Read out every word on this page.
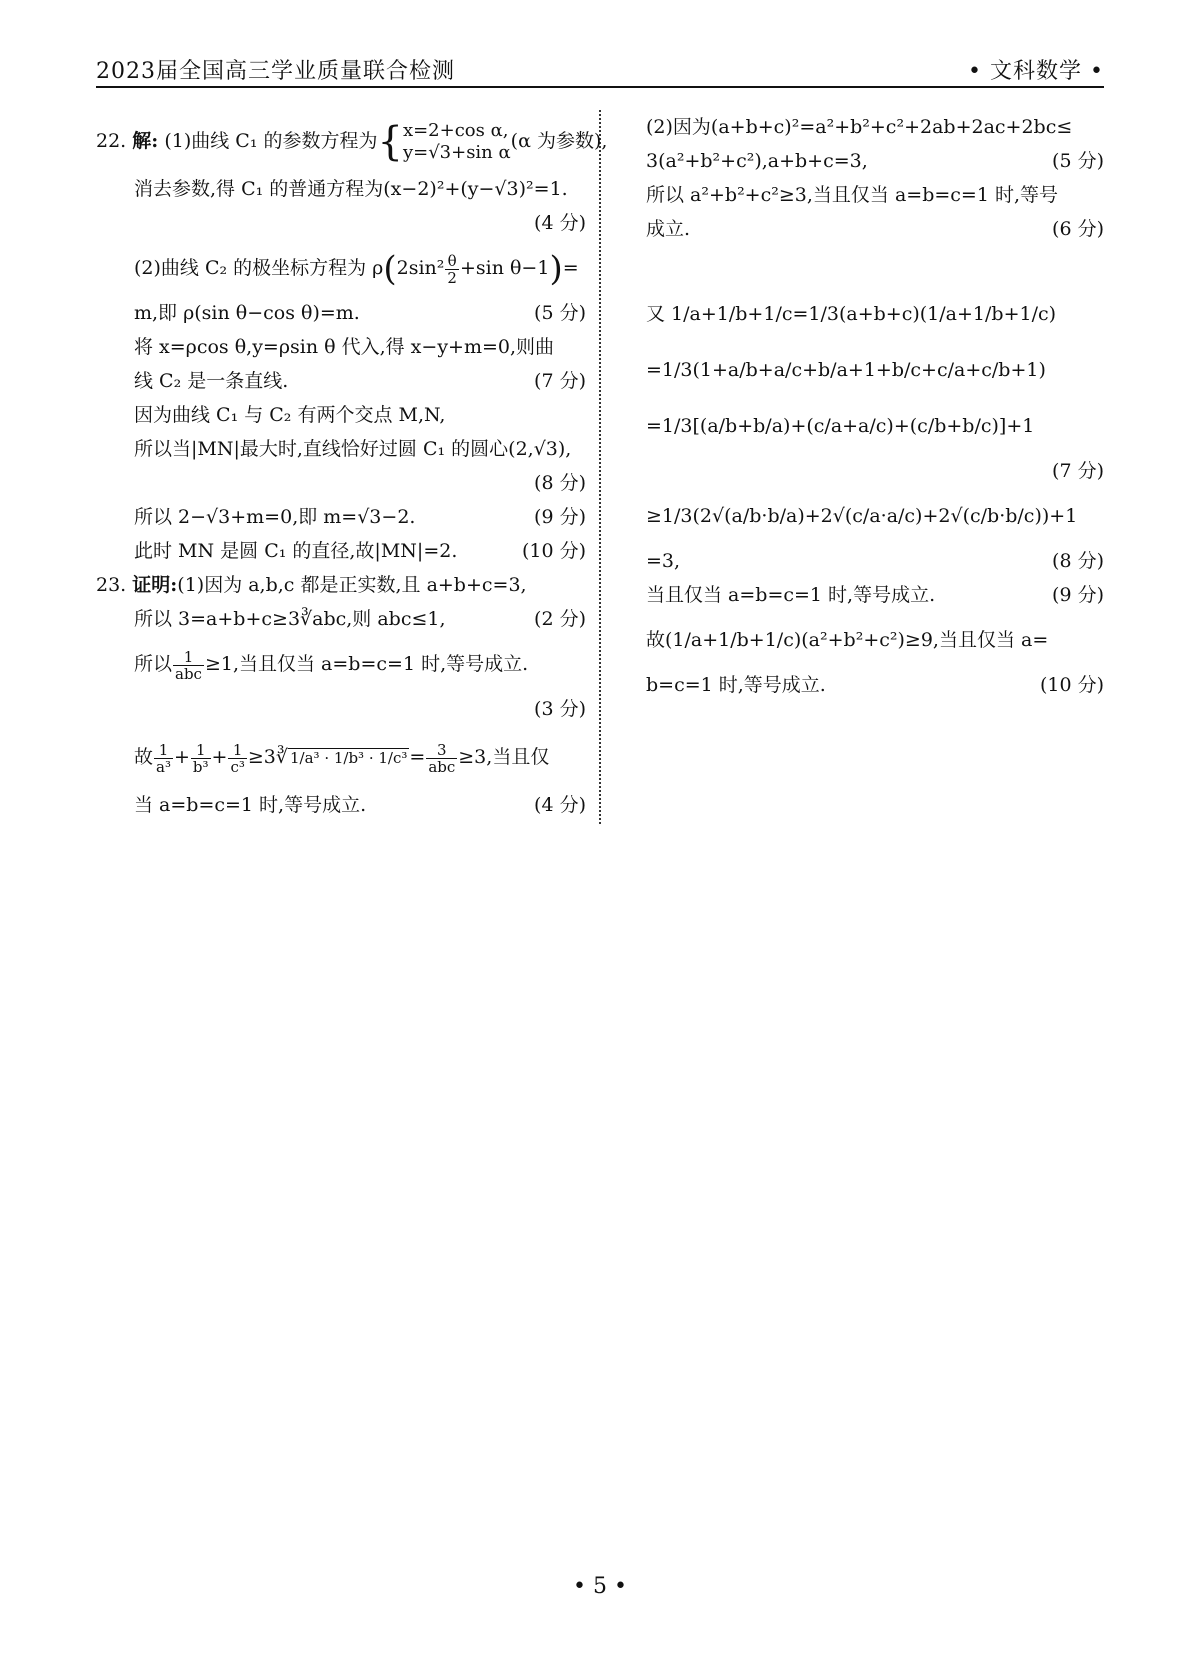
2023届全国高三学业质量联合检测	• 文科数学 •
22. 解: (1)曲线 C₁ 的参数方程为{ x=2+cos α,
y=√3+sin α
(α 为参数),
消去参数,得 C₁ 的普通方程为(x−2)²+(y−√3)²=1.
(4 分)
(2)曲线 C₂ 的极坐标方程为 $\rho(2\sin^2 \frac{\theta}{2} +\sin$ θ−1)=
m,即 ρ(sin θ−cos θ)=m.	(5 分)
将 x=ρcos θ,y=ρsin θ 代入,得 x−y+m=0,则曲
线 C₂ 是一条直线.	(7 分)
因为曲线 C₁ 与 C₂ 有两个交点 M,N,
所以当|MN|最大时,直线恰好过圆 C₁ 的圆心(2,√3),
(8 分)
所以 2−√3+m=0,即 m=√3−2.	(9 分)
此时 MN 是圆 C₁ 的直径,故|MN|=2.	(10 分)
23. 证明:(1)因为 a,b,c 都是正实数,且 a+b+c=3,
所以 3=a+b+c≥3∛abc,则 abc≤1,	(2 分)
所以 $\frac{1}{\text{abc}} \ge 1$,当且仅当 a=b=c=1 时,等号成立.
(3 分)
故 $\frac{1}{\text{a³}} + \frac{1}{\text{b³}} + \frac{1}{\text{c³}}$ ≥3∛ $1/a^3 \cdot 1/b^3 \cdot 1/c^3 = \frac{3}{\text{abc}} \ge 3$,当且仅
当 a=b=c=1 时,等号成立.	(4 分)
(2)因为(a+b+c)²=a²+b²+c²+2ab+2ac+2bc≤
3(a²+b²+c²),a+b+c=3,	(5 分)
所以 a²+b²+c²≥3,当且仅当 a=b=c=1 时,等号
成立.	(6 分)
又 1/a+1/b+1/c=1/3(a+b+c)(1/a+1/b+1/c)
=1/3(1+a/b+a/c+b/a+1+b/c+c/a+c/b+1)
=1/3[(a/b+b/a)+(c/a+a/c)+(c/b+b/c)]+1
(7 分)
≥1/3(2√(a/b·b/a)+2√(c/a·a/c)+2√(c/b·b/c))+1
=3,	(8 分)
当且仅当 a=b=c=1 时,等号成立.	(9 分)
故(1/a+1/b+1/c)(a²+b²+c²)≥9,当且仅当 a=
b=c=1 时,等号成立.	(10 分)
• 5 •
